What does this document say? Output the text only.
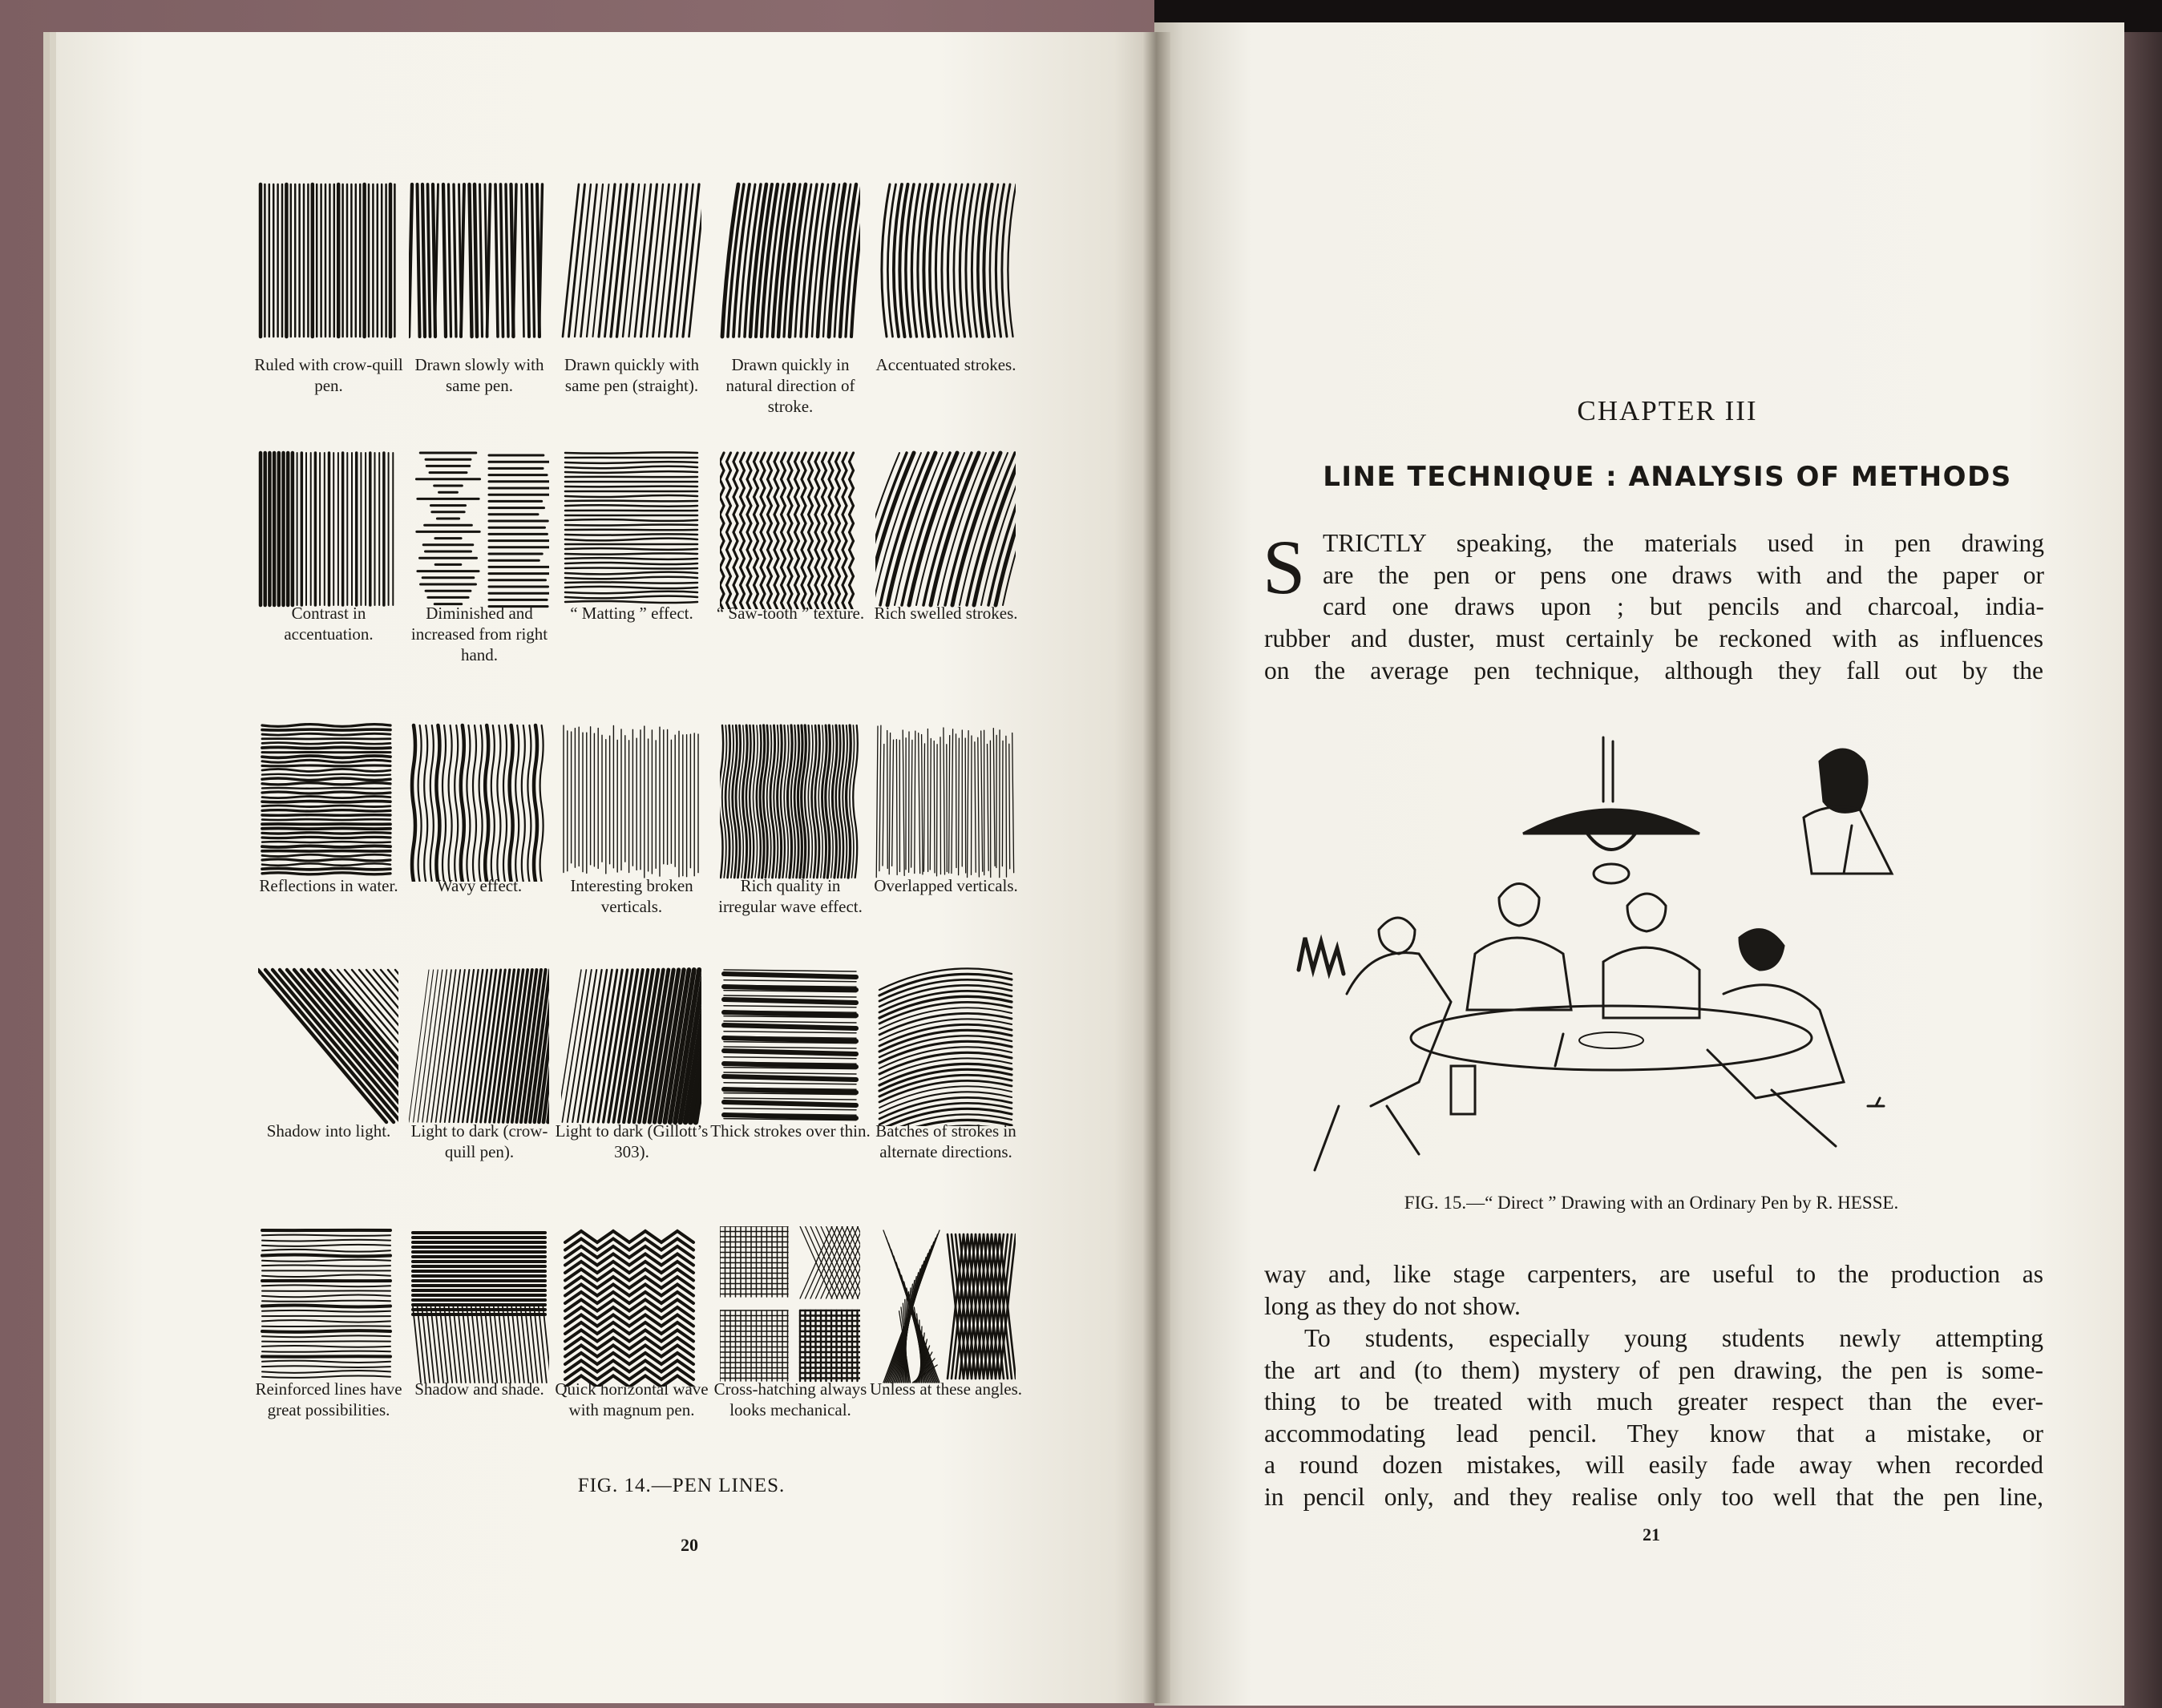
Ruled with crow-quill pen.
Drawn slowly with same pen.
Drawn quickly with same pen (straight).
Drawn quickly in natural direction of stroke.
Accentuated strokes.
Contrast in accentuation.
Diminished and increased from right hand.
“ Matting ” effect.	“ Saw-tooth ” texture. Rich swelled strokes.
Reflections in water.	Wavy effect.	Interesting broken verticals.
Rich quality in irregular wave effect.
Overlapped verticals.
Shadow into light.	Light to dark (crow-quill pen).
Light to dark (Gillott’s 303).
Thick strokes over thin. Batches of strokes in alternate directions.
Reinforced lines have great possibilities.
Shadow and shade. Quick horizontal wave with magnum pen.
Cross-hatching always looks mechanical.
Unless at these angles.
FIG. 14.—PEN LINES.
20
CHAPTER III
LINE TECHNIQUE : ANALYSIS OF METHODS
S TRICTLY speaking, the materials used in pen drawing
are the pen or pens one draws with and the paper or
card one draws upon ; but pencils and charcoal, india-
rubber and duster, must certainly be reckoned with as influences
on the average pen technique, although they fall out by the
FIG. 15.—“ Direct ” Drawing with an Ordinary Pen by R. HESSE.
way and, like stage carpenters, are useful to the production as
long as they do not show.
To students, especially young students newly attempting
the art and (to them) mystery of pen drawing, the pen is some-
thing to be treated with much greater respect than the ever-
accommodating lead pencil. They know that a mistake, or
a round dozen mistakes, will easily fade away when recorded
in pencil only, and they realise only too well that the pen line,
21
